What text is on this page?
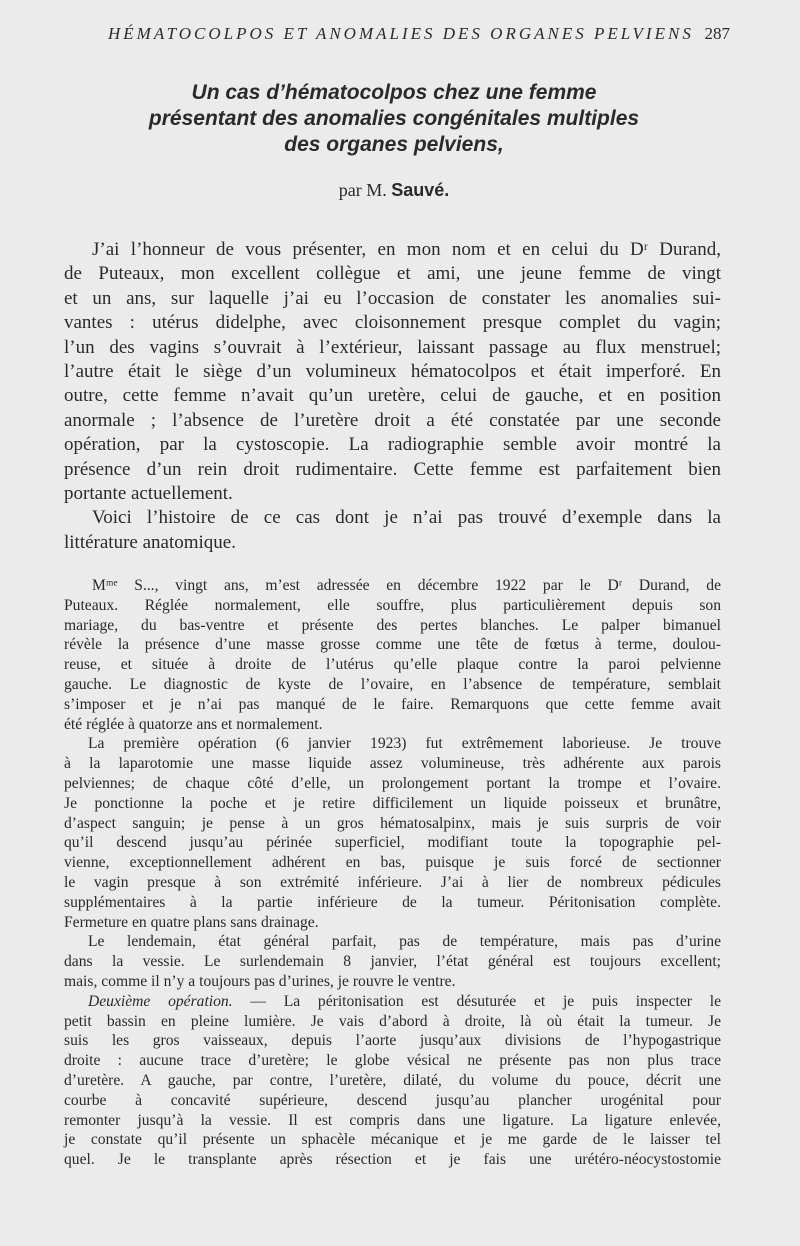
HÉMATOCOLPOS ET ANOMALIES DES ORGANES PELVIENS 287
Un cas d’hématocolpos chez une femme
présentant des anomalies congénitales multiples
des organes pelviens,
par M. Sauvé.
J’ai l’honneur de vous présenter, en mon nom et en celui du Dʳ Durand,
de Puteaux, mon excellent collègue et ami, une jeune femme de vingt
et un ans, sur laquelle j’ai eu l’occasion de constater les anomalies sui-
vantes : utérus didelphe, avec cloisonnement presque complet du vagin;
l’un des vagins s’ouvrait à l’extérieur, laissant passage au flux menstruel;
l’autre était le siège d’un volumineux hématocolpos et était imperforé. En
outre, cette femme n’avait qu’un uretère, celui de gauche, et en position
anormale ; l’absence de l’uretère droit a été constatée par une seconde
opération, par la cystoscopie. La radiographie semble avoir montré la
présence d’un rein droit rudimentaire. Cette femme est parfaitement bien
portante actuellement.
Voici l’histoire de ce cas dont je n’ai pas trouvé d’exemple dans la
littérature anatomique.
Mᵐᵉ S..., vingt ans, m’est adressée en décembre 1922 par le Dʳ Durand, de
Puteaux. Réglée normalement, elle souffre, plus particulièrement depuis son
mariage, du bas-ventre et présente des pertes blanches. Le palper bimanuel
révèle la présence d’une masse grosse comme une tête de fœtus à terme, doulou-
reuse, et située à droite de l’utérus qu’elle plaque contre la paroi pelvienne
gauche. Le diagnostic de kyste de l’ovaire, en l’absence de température, semblait
s’imposer et je n’ai pas manqué de le faire. Remarquons que cette femme avait
été réglée à quatorze ans et normalement.
La première opération (6 janvier 1923) fut extrêmement laborieuse. Je trouve
à la laparotomie une masse liquide assez volumineuse, très adhérente aux parois
pelviennes; de chaque côté d’elle, un prolongement portant la trompe et l’ovaire.
Je ponctionne la poche et je retire difficilement un liquide poisseux et brunâtre,
d’aspect sanguin; je pense à un gros hématosalpinx, mais je suis surpris de voir
qu’il descend jusqu’au périnée superficiel, modifiant toute la topographie pel-
vienne, exceptionnellement adhérent en bas, puisque je suis forcé de sectionner
le vagin presque à son extrémité inférieure. J’ai à lier de nombreux pédicules
supplémentaires à la partie inférieure de la tumeur. Péritonisation complète.
Fermeture en quatre plans sans drainage.
Le lendemain, état général parfait, pas de température, mais pas d’urine
dans la vessie. Le surlendemain 8 janvier, l’état général est toujours excellent;
mais, comme il n’y a toujours pas d’urines, je rouvre le ventre.
Deuxième opération. — La péritonisation est désuturée et je puis inspecter le
petit bassin en pleine lumière. Je vais d’abord à droite, là où était la tumeur. Je
suis les gros vaisseaux, depuis l’aorte jusqu’aux divisions de l’hypogastrique
droite : aucune trace d’uretère; le globe vésical ne présente pas non plus trace
d’uretère. A gauche, par contre, l’uretère, dilaté, du volume du pouce, décrit une
courbe à concavité supérieure, descend jusqu’au plancher urogénital pour
remonter jusqu’à la vessie. Il est compris dans une ligature. La ligature enlevée,
je constate qu’il présente un sphacèle mécanique et je me garde de le laisser tel
quel. Je le transplante après résection et je fais une urétéro-néocystostomie
